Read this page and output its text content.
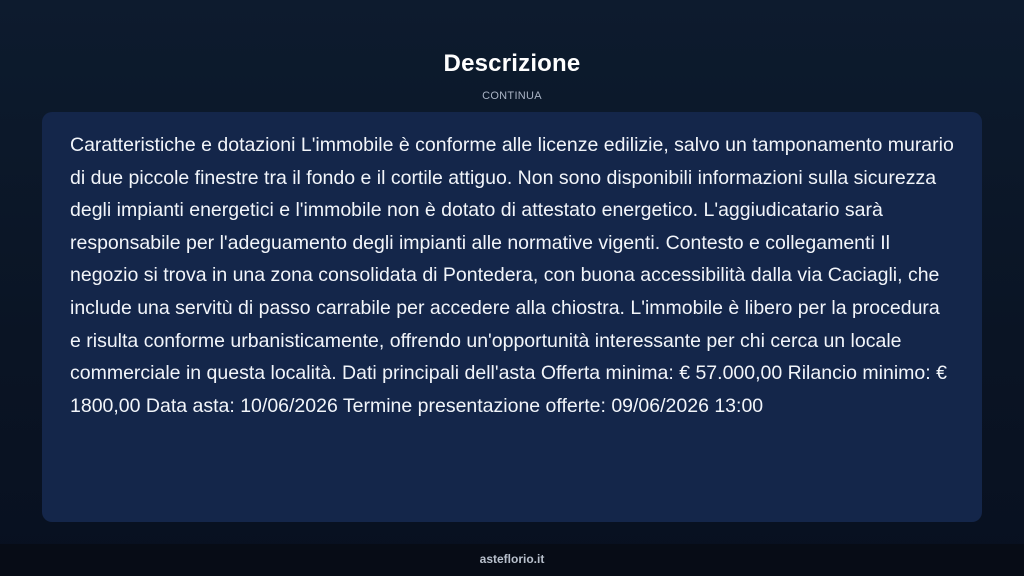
Descrizione
CONTINUA

Caratteristiche e dotazioni L'immobile è conforme alle licenze edilizie, salvo un tamponamento murario di due piccole finestre tra il fondo e il cortile attiguo. Non sono disponibili informazioni sulla sicurezza degli impianti energetici e l'immobile non è dotato di attestato energetico. L'aggiudicatario sarà responsabile per l'adeguamento degli impianti alle normative vigenti. Contesto e collegamenti Il negozio si trova in una zona consolidata di Pontedera, con buona accessibilità dalla via Caciagli, che include una servitù di passo carrabile per accedere alla chiostra. L'immobile è libero per la procedura e risulta conforme urbanisticamente, offrendo un'opportunità interessante per chi cerca un locale commerciale in questa località. Dati principali dell'asta Offerta minima: € 57.000,00 Rilancio minimo: € 1800,00 Data asta: 10/06/2026 Termine presentazione offerte: 09/06/2026 13:00

asteflorio.it
